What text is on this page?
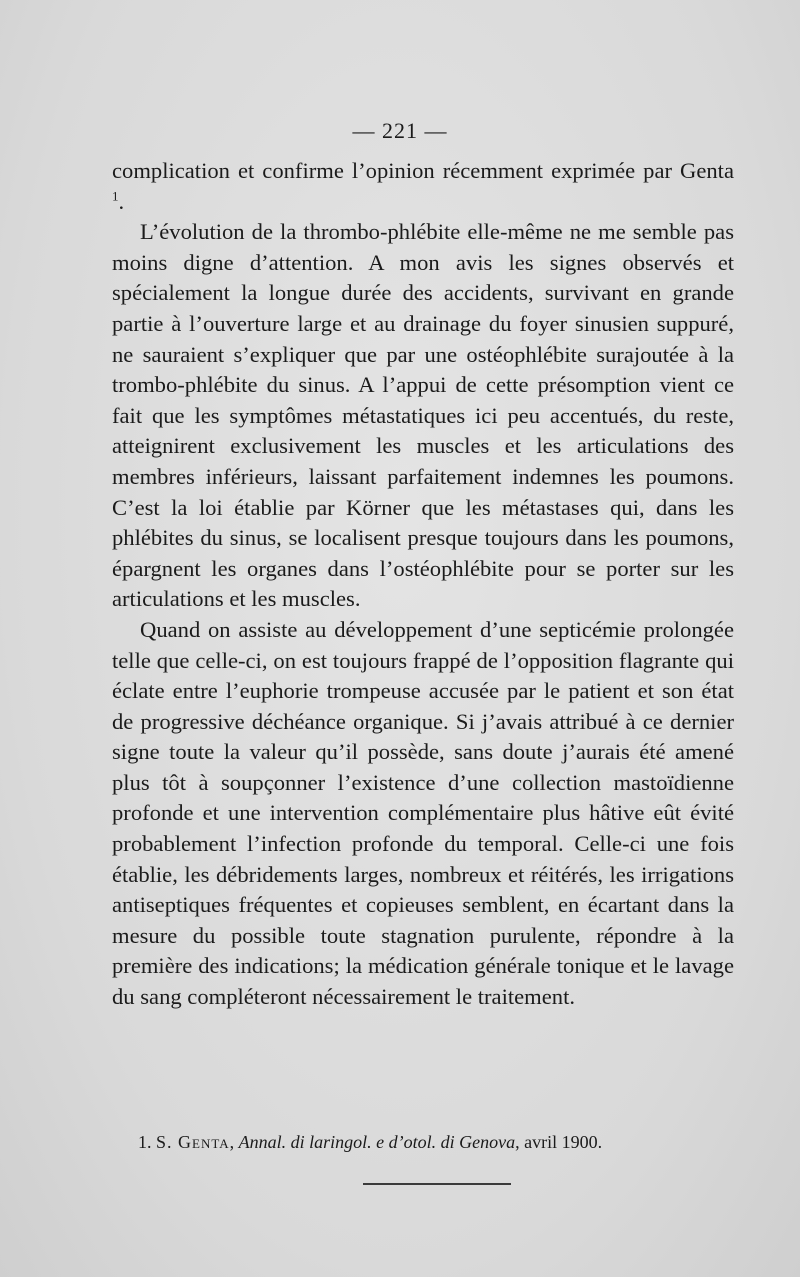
— 221 —

complication et confirme l’opinion récemment exprimée par Genta $^1$.

L’évolution de la thrombo-phlébite elle-même ne me semble pas moins digne d’attention. A mon avis les signes observés et spécialement la longue durée des accidents, survivant en grande partie à l’ouverture large et au drainage du foyer sinusien suppuré, ne sauraient s’expliquer que par une ostéophlébite surajoutée à la trombo-phlébite du sinus. A l’appui de cette présomption vient ce fait que les symptômes métastatiques ici peu accentués, du reste, atteignirent exclusivement les muscles et les articulations des membres inférieurs, laissant parfaitement indemnes les poumons. C’est la loi établie par Körner que les métastases qui, dans les phlébites du sinus, se localisent presque toujours dans les poumons, épargnent les organes dans l’ostéophlébite pour se porter sur les articulations et les muscles.

Quand on assiste au développement d’une septicémie prolongée telle que celle-ci, on est toujours frappé de l’opposition flagrante qui éclate entre l’euphorie trompeuse accusée par le patient et son état de progressive déchéance organique. Si j’avais attribué à ce dernier signe toute la valeur qu’il possède, sans doute j’aurais été amené plus tôt à soupçonner l’existence d’une collection mastoïdienne profonde et une intervention complémentaire plus hâtive eût évité probablement l’infection profonde du temporal. Celle-ci une fois établie, les débridements larges, nombreux et réitérés, les irrigations antiseptiques fréquentes et copieuses semblent, en écartant dans la mesure du possible toute stagnation purulente, répondre à la première des indications; la médication générale tonique et le lavage du sang compléteront nécessairement le traitement.

1. S. Genta, Annal. di laringol. e d’otol. di Genova, avril 1900.
